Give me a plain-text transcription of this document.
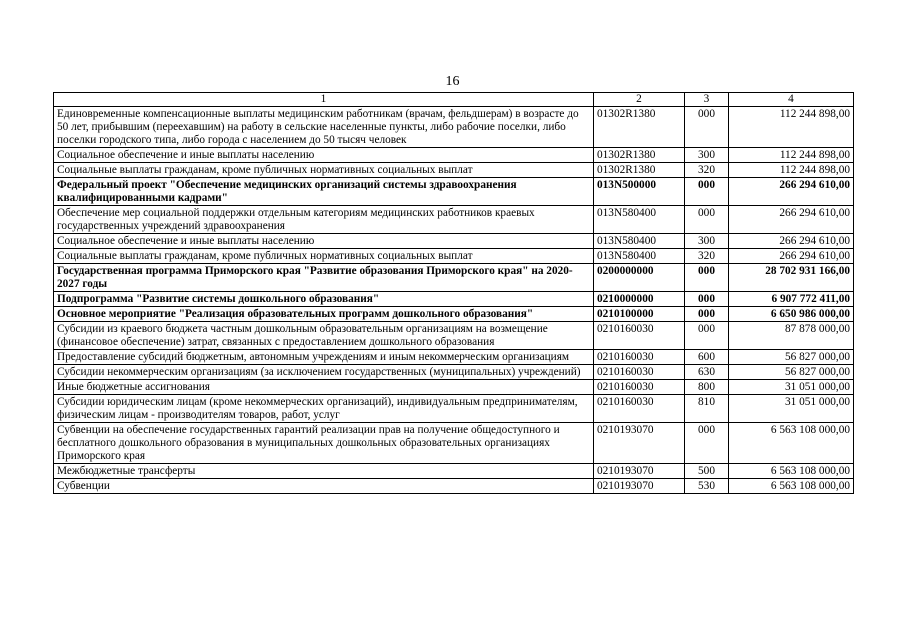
16
1	2	3	4
Единовременные компенсационные выплаты медицинским работникам (врачам, фельдшерам) в возрасте до 50 лет, прибывшим (переехавшим) на работу в сельские населенные пункты, либо рабочие поселки, либо поселки городского типа, либо города с населением до 50 тысяч человек	01302R1380	000	112 244 898,00
Социальное обеспечение и иные выплаты населению	01302R1380	300	112 244 898,00
Социальные выплаты гражданам, кроме публичных нормативных социальных выплат	01302R1380	320	112 244 898,00
Федеральный проект "Обеспечение медицинских организаций системы здравоохранения квалифицированными кадрами"	013N500000	000	266 294 610,00
Обеспечение мер социальной поддержки отдельным категориям медицинских работников краевых государственных учреждений здравоохранения	013N580400	000	266 294 610,00
Социальное обеспечение и иные выплаты населению	013N580400	300	266 294 610,00
Социальные выплаты гражданам, кроме публичных нормативных социальных выплат	013N580400	320	266 294 610,00
Государственная программа Приморского края "Развитие образования Приморского края" на 2020-2027 годы	0200000000	000	28 702 931 166,00
Подпрограмма "Развитие системы дошкольного образования"	0210000000	000	6 907 772 411,00
Основное мероприятие "Реализация образовательных программ дошкольного образования"	0210100000	000	6 650 986 000,00
Субсидии из краевого бюджета частным дошкольным образовательным организациям на возмещение (финансовое обеспечение) затрат, связанных с предоставлением дошкольного образования	0210160030	000	87 878 000,00
Предоставление субсидий бюджетным, автономным учреждениям и иным некоммерческим организациям	0210160030	600	56 827 000,00
Субсидии некоммерческим организациям (за исключением государственных (муниципальных) учреждений)	0210160030	630	56 827 000,00
Иные бюджетные ассигнования	0210160030	800	31 051 000,00
Субсидии юридическим лицам (кроме некоммерческих организаций), индивидуальным предпринимателям, физическим лицам - производителям товаров, работ, услуг	0210160030	810	31 051 000,00
Субвенции на обеспечение государственных гарантий реализации прав на получение общедоступного и бесплатного дошкольного образования в муниципальных дошкольных образовательных организациях Приморского края	0210193070	000	6 563 108 000,00
Межбюджетные трансферты	0210193070	500	6 563 108 000,00
Субвенции	0210193070	530	6 563 108 000,00
